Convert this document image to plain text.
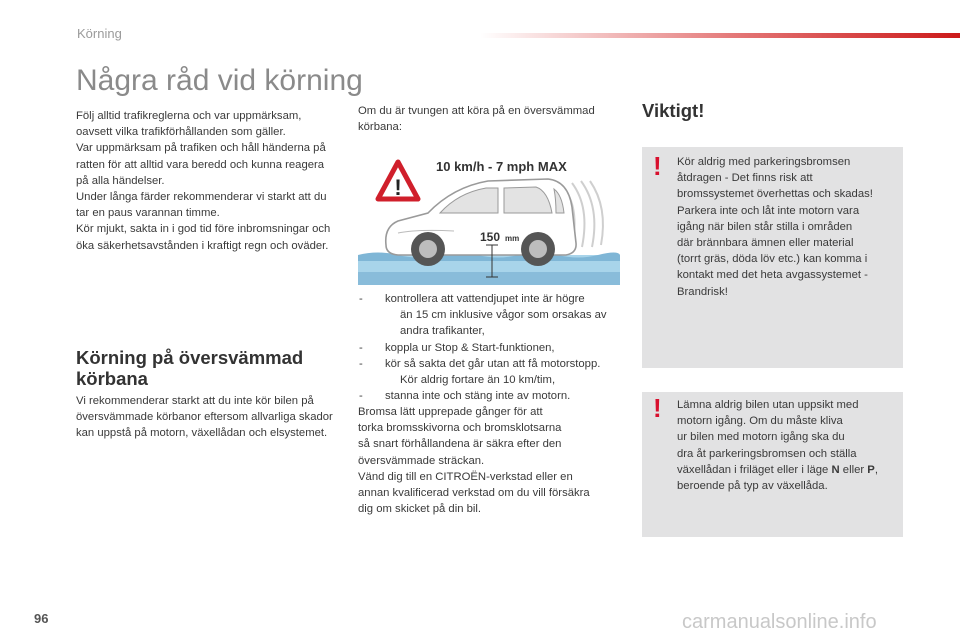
Körning
Några råd vid körning

Följ alltid trafikreglerna och var uppmärksam, oavsett vilka trafikförhållanden som gäller.

Var uppmärksam på trafiken och håll händerna på ratten för att alltid vara beredd och kunna reagera på alla händelser.

Under långa färder rekommenderar vi starkt att du tar en paus varannan timme.

Kör mjukt, sakta in i god tid före inbromsningar och öka säkerhetsavstånden i kraftigt regn och oväder.

Körning på översvämmad körbana

Vi rekommenderar starkt att du inte kör bilen på översvämmade körbanor eftersom allvarliga skador kan uppstå på motorn, växellådan och elsystemet.

Om du är tvungen att köra på en översvämmad körbana:

!
10 km/h - 7 mph MAX
150 mm
- kontrollera att vattendjupet inte är högre
än 15 cm inklusive vågor som orsakas av
andra trafikanter,
- koppla ur Stop & Start-funktionen,
- kör så sakta det går utan att få motorstopp.
Kör aldrig fortare än 10 km/tim,
- stanna inte och stäng inte av motorn.

Bromsa lätt upprepade gånger för att

torka bromsskivorna och bromsklotsarna

så snart förhållandena är säkra efter den

översvämmade sträckan.

Vänd dig till en CITROËN-verkstad eller en

annan kvalificerad verkstad om du vill försäkra

dig om skicket på din bil.

Viktigt!
! Kör aldrig med parkeringsbromsen

åtdragen - Det finns risk att

bromssystemet överhettas och skadas!

Parkera inte och låt inte motorn vara

igång när bilen står stilla i områden

där brännbara ämnen eller material

(torrt gräs, döda löv etc.) kan komma i

kontakt med det heta avgassystemet -

Brandrisk!

! Lämna aldrig bilen utan uppsikt med

motorn igång. Om du måste kliva

ur bilen med motorn igång ska du

dra åt parkeringsbromsen och ställa

växellådan i friläget eller i läge N eller P,

beroende på typ av växellåda.

96	carmanualsonline.info
